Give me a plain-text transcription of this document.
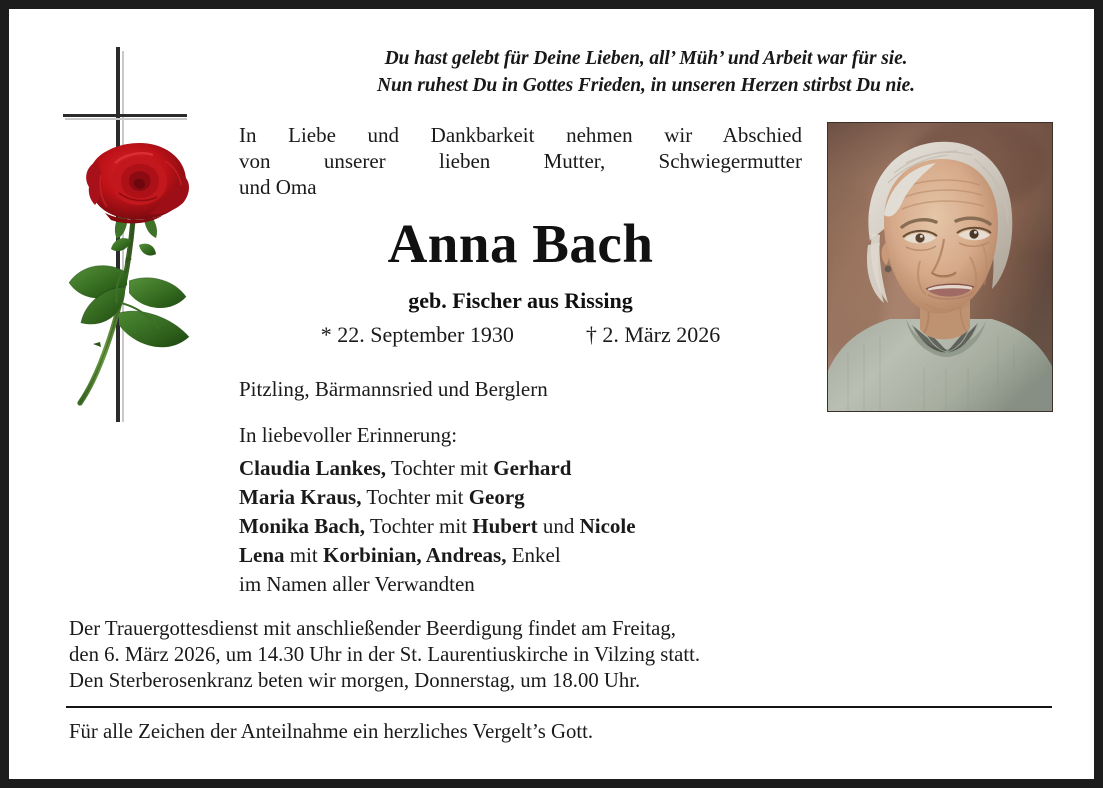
Du hast gelebt für Deine Lieben, all’ Müh’ und Arbeit war für sie.
Nun ruhest Du in Gottes Frieden, in unseren Herzen stirbst Du nie.
In Liebe und Dankbarkeit nehmen wir Abschied
von unserer lieben Mutter, Schwiegermutter
und Oma
Anna Bach
geb. Fischer aus Rissing
* 22. September 1930	† 2. März 2026
Pitzling, Bärmannsried und Berglern
In liebevoller Erinnerung:
Claudia Lankes, Tochter mit Gerhard
Maria Kraus, Tochter mit Georg
Monika Bach, Tochter mit Hubert und Nicole
Lena mit Korbinian, Andreas, Enkel
im Namen aller Verwandten
Der Trauergottesdienst mit anschließender Beerdigung findet am Freitag,
den 6. März 2026, um 14.30 Uhr in der St. Laurentiuskirche in Vilzing statt.
Den Sterberosenkranz beten wir morgen, Donnerstag, um 18.00 Uhr.
Für alle Zeichen der Anteilnahme ein herzliches Vergelt’s Gott.
